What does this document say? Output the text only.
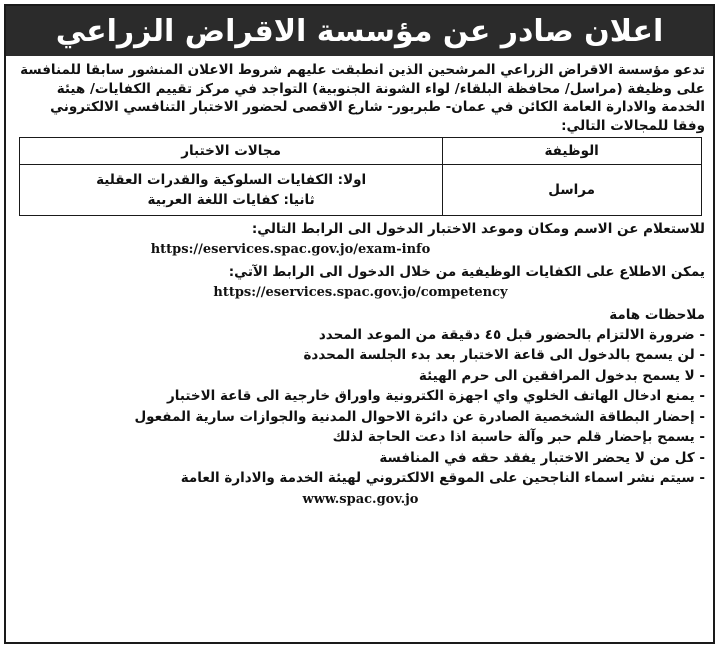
اعلان صادر عن مؤسسة الاقراض الزراعي

تدعو مؤسسة الاقراض الزراعي المرشحين الذين انطبقت عليهم شروط الاعلان المنشور سابقا للمنافسة
على وظيفة (مراسل/ محافظة البلقاء/ لواء الشونة الجنوبية) التواجد في مركز تقييم الكفايات/ هيئة
الخدمة والادارة العامة الكائن في عمان- طبربور- شارع الاقصى لحضور الاختبار التنافسي الالكتروني
وفقا للمجالات التالي:

الوظيفة	مجالات الاختبار
مراسل	اولا: الكفايات السلوكية والقدرات العقلية
ثانيا: كفايات اللغة العربية
للاستعلام عن الاسم ومكان وموعد الاختبار الدخول الى الرابط التالي:
https://eservices.spac.gov.jo/exam-info
يمكن الاطلاع على الكفايات الوظيفية من خلال الدخول الى الرابط الآتي:
https://eservices.spac.gov.jo/competency
ملاحظات هامة
- ضرورة الالتزام بالحضور قبل ٤٥ دقيقة من الموعد المحدد
- لن يسمح بالدخول الى قاعة الاختبار بعد بدء الجلسة المحددة
- لا يسمح بدخول المرافقين الى حرم الهيئة
- يمنع ادخال الهاتف الخلوي واي اجهزة الكترونية واوراق خارجية الى قاعة الاختبار
- إحضار البطاقة الشخصية الصادرة عن دائرة الاحوال المدنية والجوازات سارية المفعول
- يسمح بإحضار قلم حبر وآلة حاسبة اذا دعت الحاجة لذلك
- كل من لا يحضر الاختبار يفقد حقه في المنافسة
- سيتم نشر اسماء الناجحين على الموقع الالكتروني لهيئة الخدمة والادارة العامة
www.spac.gov.jo
